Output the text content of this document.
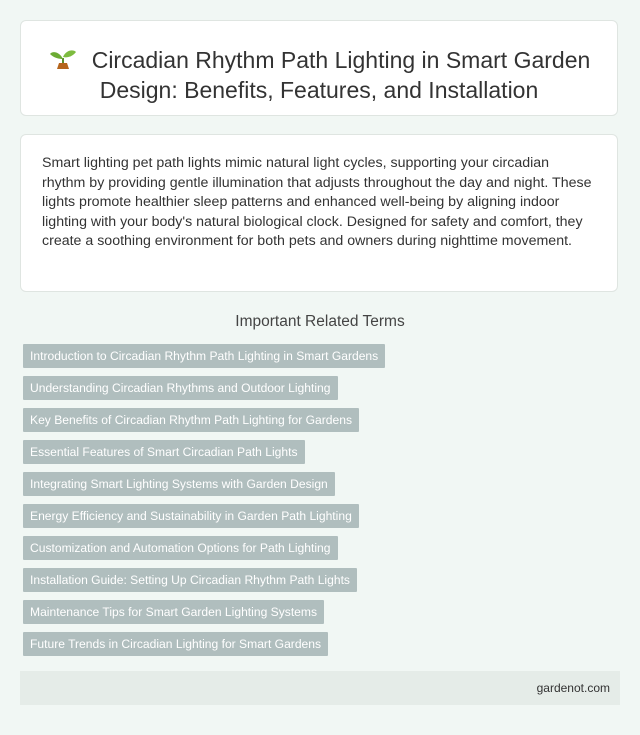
Circadian Rhythm Path Lighting in Smart Garden Design: Benefits, Features, and Installation
Smart lighting pet path lights mimic natural light cycles, supporting your circadian rhythm by providing gentle illumination that adjusts throughout the day and night. These lights promote healthier sleep patterns and enhanced well-being by aligning indoor lighting with your body's natural biological clock. Designed for safety and comfort, they create a soothing environment for both pets and owners during nighttime movement.
Important Related Terms
Introduction to Circadian Rhythm Path Lighting in Smart Gardens
Understanding Circadian Rhythms and Outdoor Lighting
Key Benefits of Circadian Rhythm Path Lighting for Gardens
Essential Features of Smart Circadian Path Lights
Integrating Smart Lighting Systems with Garden Design
Energy Efficiency and Sustainability in Garden Path Lighting
Customization and Automation Options for Path Lighting
Installation Guide: Setting Up Circadian Rhythm Path Lights
Maintenance Tips for Smart Garden Lighting Systems
Future Trends in Circadian Lighting for Smart Gardens
gardenot.com
